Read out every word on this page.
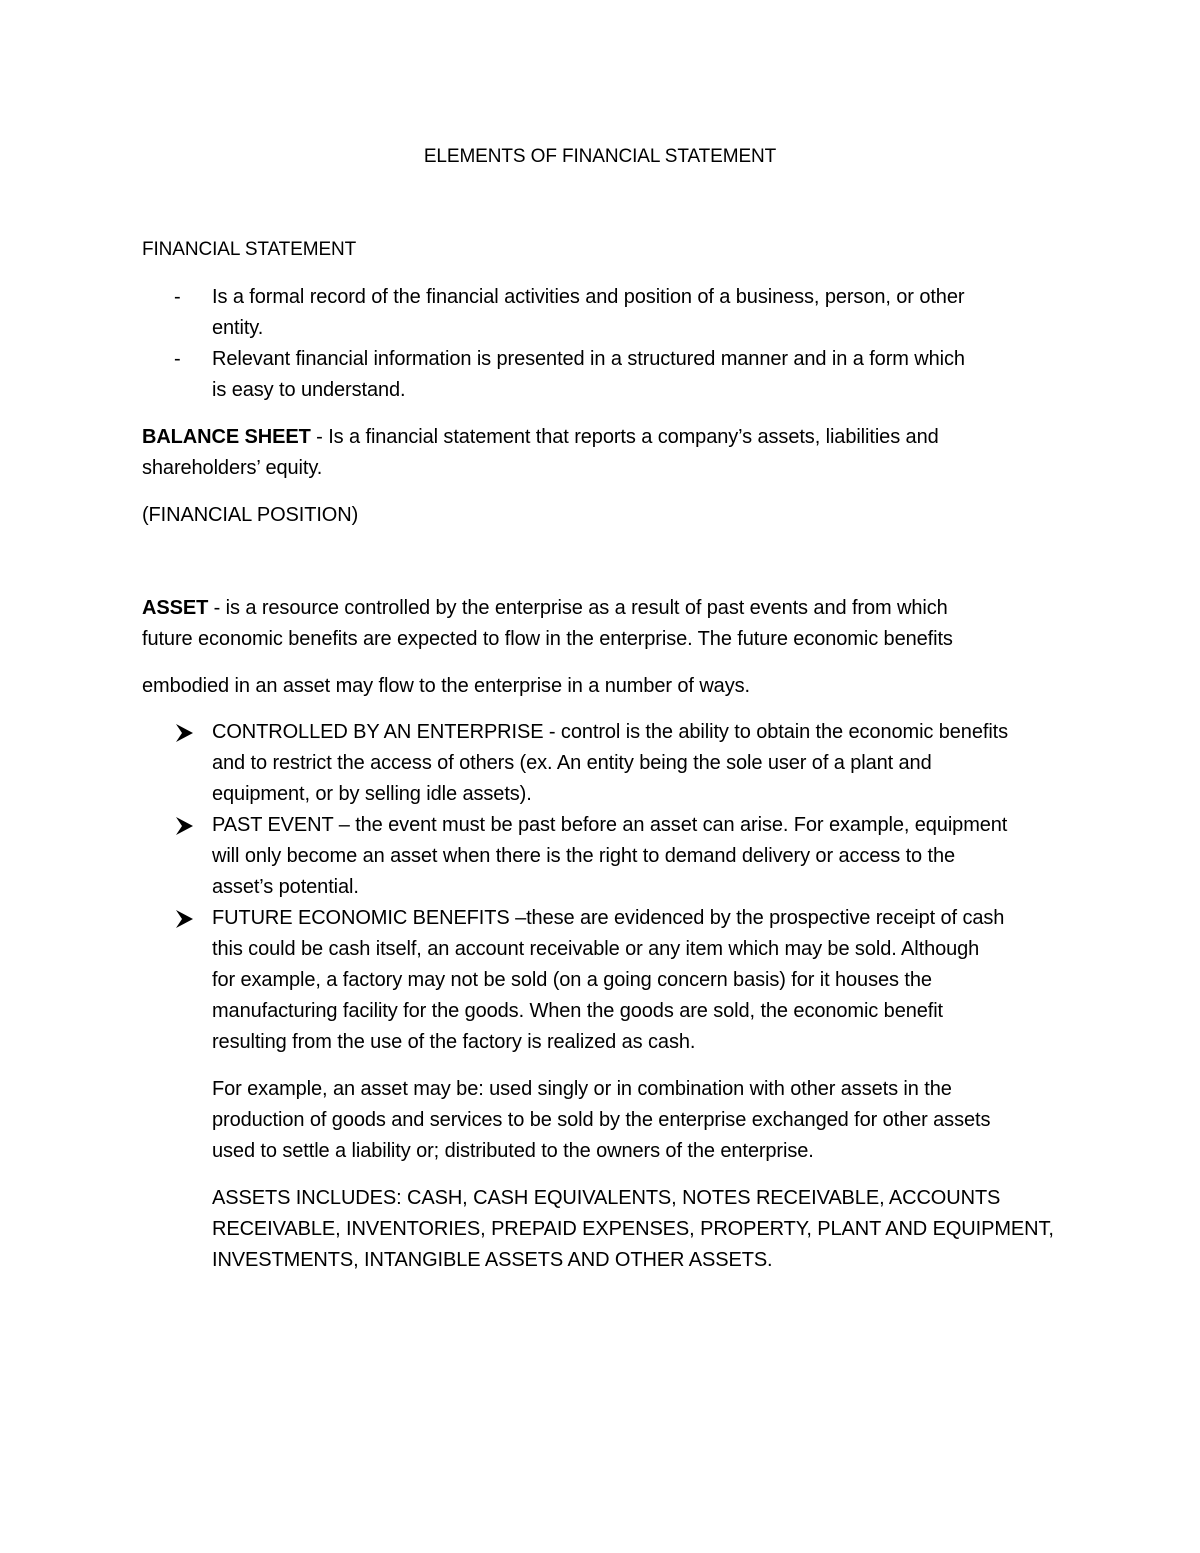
ELEMENTS OF FINANCIAL STATEMENT
FINANCIAL STATEMENT
- Is a formal record of the financial activities and position of a business, person, or other
entity.
- Relevant financial information is presented in a structured manner and in a form which
is easy to understand.
BALANCE SHEET - Is a financial statement that reports a company’s assets, liabilities and
shareholders’ equity.
(FINANCIAL POSITION)
ASSET - is a resource controlled by the enterprise as a result of past events and from which
future economic benefits are expected to flow in the enterprise. The future economic benefits
embodied in an asset may flow to the enterprise in a number of ways.
CONTROLLED BY AN ENTERPRISE - control is the ability to obtain the economic benefits
and to restrict the access of others (ex. An entity being the sole user of a plant and
equipment, or by selling idle assets).
PAST EVENT – the event must be past before an asset can arise. For example, equipment
will only become an asset when there is the right to demand delivery or access to the
asset’s potential.
FUTURE ECONOMIC BENEFITS –these are evidenced by the prospective receipt of cash
this could be cash itself, an account receivable or any item which may be sold. Although
for example, a factory may not be sold (on a going concern basis) for it houses the
manufacturing facility for the goods. When the goods are sold, the economic benefit
resulting from the use of the factory is realized as cash.
For example, an asset may be: used singly or in combination with other assets in the
production of goods and services to be sold by the enterprise exchanged for other assets
used to settle a liability or; distributed to the owners of the enterprise.
ASSETS INCLUDES: CASH, CASH EQUIVALENTS, NOTES RECEIVABLE, ACCOUNTS
RECEIVABLE, INVENTORIES, PREPAID EXPENSES, PROPERTY, PLANT AND EQUIPMENT,
INVESTMENTS, INTANGIBLE ASSETS AND OTHER ASSETS.
